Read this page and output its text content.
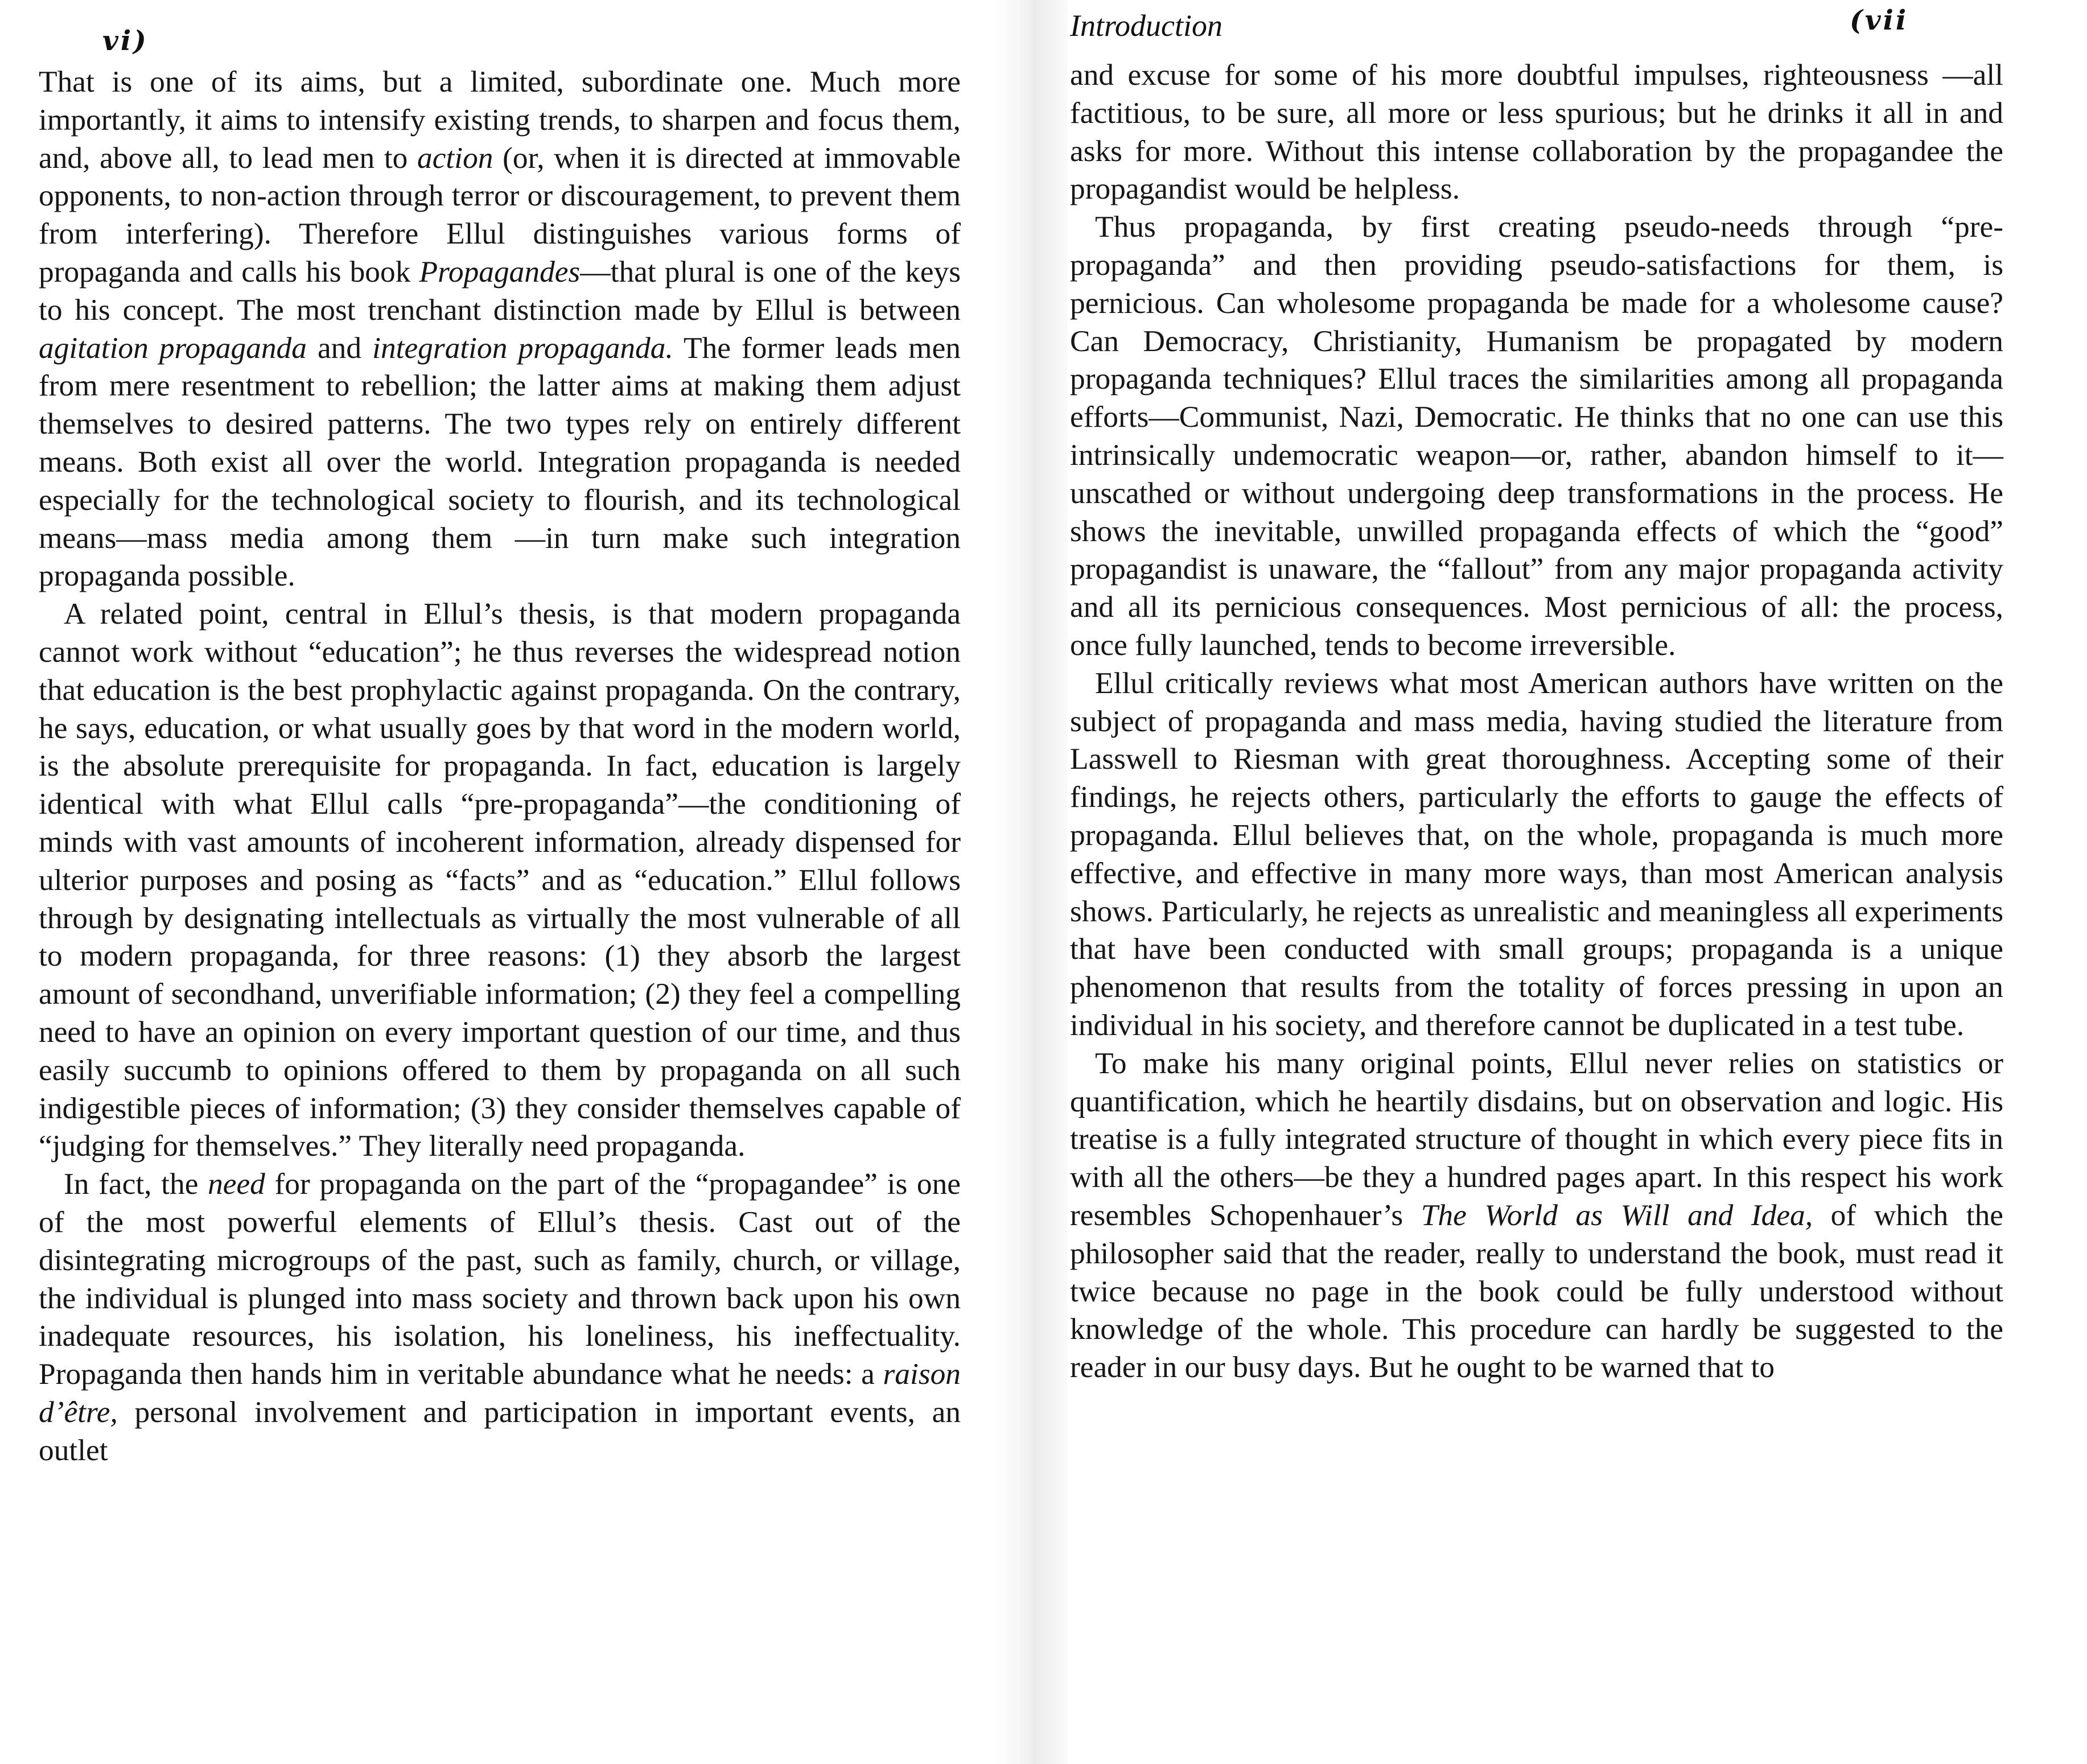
vi)

That is one of its aims, but a limited, subordinate one. Much more importantly, it aims to intensify existing trends, to sharpen and focus them, and, above all, to lead men to action (or, when it is directed at immovable opponents, to non-action through terror or discouragement, to prevent them from interfering). Therefore Ellul distinguishes various forms of propaganda and calls his book Propagandes—that plural is one of the keys to his concept. The most trenchant distinction made by Ellul is between agitation propaganda and integration propaganda. The former leads men from mere resentment to rebellion; the latter aims at making them adjust themselves to desired patterns. The two types rely on entirely different means. Both exist all over the world. Integration propaganda is needed especially for the technological society to flourish, and its technological means—mass media among them —in turn make such integration propaganda possible.

A related point, central in Ellul’s thesis, is that modern propaganda cannot work without “education”; he thus reverses the widespread notion that education is the best prophylactic against propaganda. On the contrary, he says, education, or what usually goes by that word in the modern world, is the absolute prerequisite for propaganda. In fact, education is largely identical with what Ellul calls “pre-propaganda”—the conditioning of minds with vast amounts of incoherent information, already dispensed for ulterior purposes and posing as “facts” and as “education.” Ellul follows through by designating intellectuals as virtually the most vulnerable of all to modern propaganda, for three reasons: (1) they absorb the largest amount of secondhand, unverifiable information; (2) they feel a compelling need to have an opinion on every important question of our time, and thus easily succumb to opinions offered to them by propaganda on all such indigestible pieces of information; (3) they consider themselves capable of “judging for themselves.” They literally need propaganda.

In fact, the need for propaganda on the part of the “propagandee” is one of the most powerful elements of Ellul’s thesis. Cast out of the disintegrating microgroups of the past, such as family, church, or village, the individual is plunged into mass society and thrown back upon his own inadequate resources, his isolation, his loneliness, his ineffectuality. Propaganda then hands him in veritable abundance what he needs: a raison d’être, personal involvement and participation in important events, an outlet

Introduction	(vii

and excuse for some of his more doubtful impulses, righteousness —all factitious, to be sure, all more or less spurious; but he drinks it all in and asks for more. Without this intense collaboration by the propagandee the propagandist would be helpless.

Thus propaganda, by first creating pseudo-needs through “pre-propaganda” and then providing pseudo-satisfactions for them, is pernicious. Can wholesome propaganda be made for a wholesome cause? Can Democracy, Christianity, Humanism be propagated by modern propaganda techniques? Ellul traces the similarities among all propaganda efforts—Communist, Nazi, Democratic. He thinks that no one can use this intrinsically undemocratic weapon—or, rather, abandon himself to it—unscathed or without undergoing deep transformations in the process. He shows the inevitable, unwilled propaganda effects of which the “good” propagandist is unaware, the “fallout” from any major propaganda activity and all its pernicious consequences. Most pernicious of all: the process, once fully launched, tends to become irreversible.

Ellul critically reviews what most American authors have written on the subject of propaganda and mass media, having studied the literature from Lasswell to Riesman with great thoroughness. Accepting some of their findings, he rejects others, particularly the efforts to gauge the effects of propaganda. Ellul believes that, on the whole, propaganda is much more effective, and effective in many more ways, than most American analysis shows. Particularly, he rejects as unrealistic and meaningless all experiments that have been conducted with small groups; propaganda is a unique phenomenon that results from the totality of forces pressing in upon an individual in his society, and therefore cannot be duplicated in a test tube.

To make his many original points, Ellul never relies on statistics or quantification, which he heartily disdains, but on observation and logic. His treatise is a fully integrated structure of thought in which every piece fits in with all the others—be they a hundred pages apart. In this respect his work resembles Schopenhauer’s The World as Will and Idea, of which the philosopher said that the reader, really to understand the book, must read it twice because no page in the book could be fully understood without knowledge of the whole. This procedure can hardly be suggested to the reader in our busy days. But he ought to be warned that to
